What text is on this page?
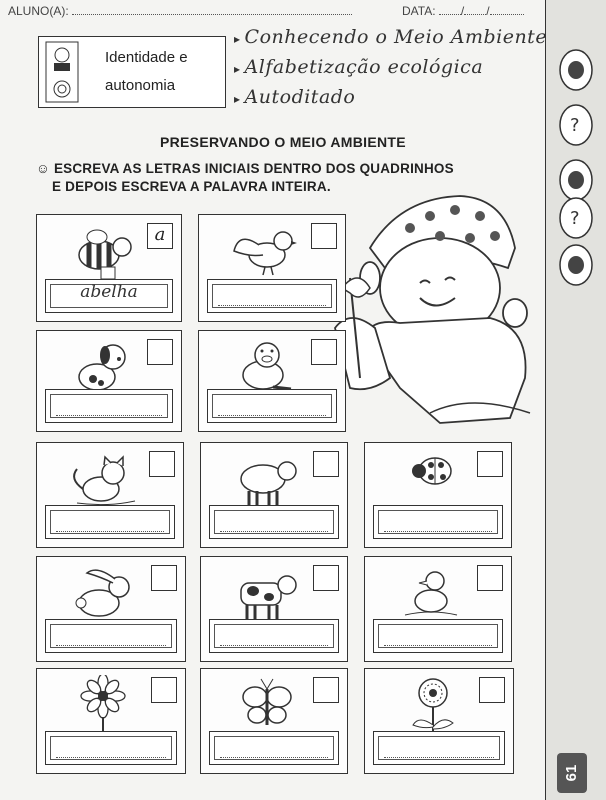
?
?
61
ALUNO(A):	DATA: / /
Identidade e
autonomia
▸ Conhecendo o Meio Ambiente
▸ Alfabetização ecológica
▸ Autoditado
PRESERVANDO O MEIO AMBIENTE
☺ ESCREVA AS LETRAS INICIAIS DENTRO DOS QUADRINHOS
E DEPOIS ESCREVA A PALAVRA INTEIRA.
a
abelha
